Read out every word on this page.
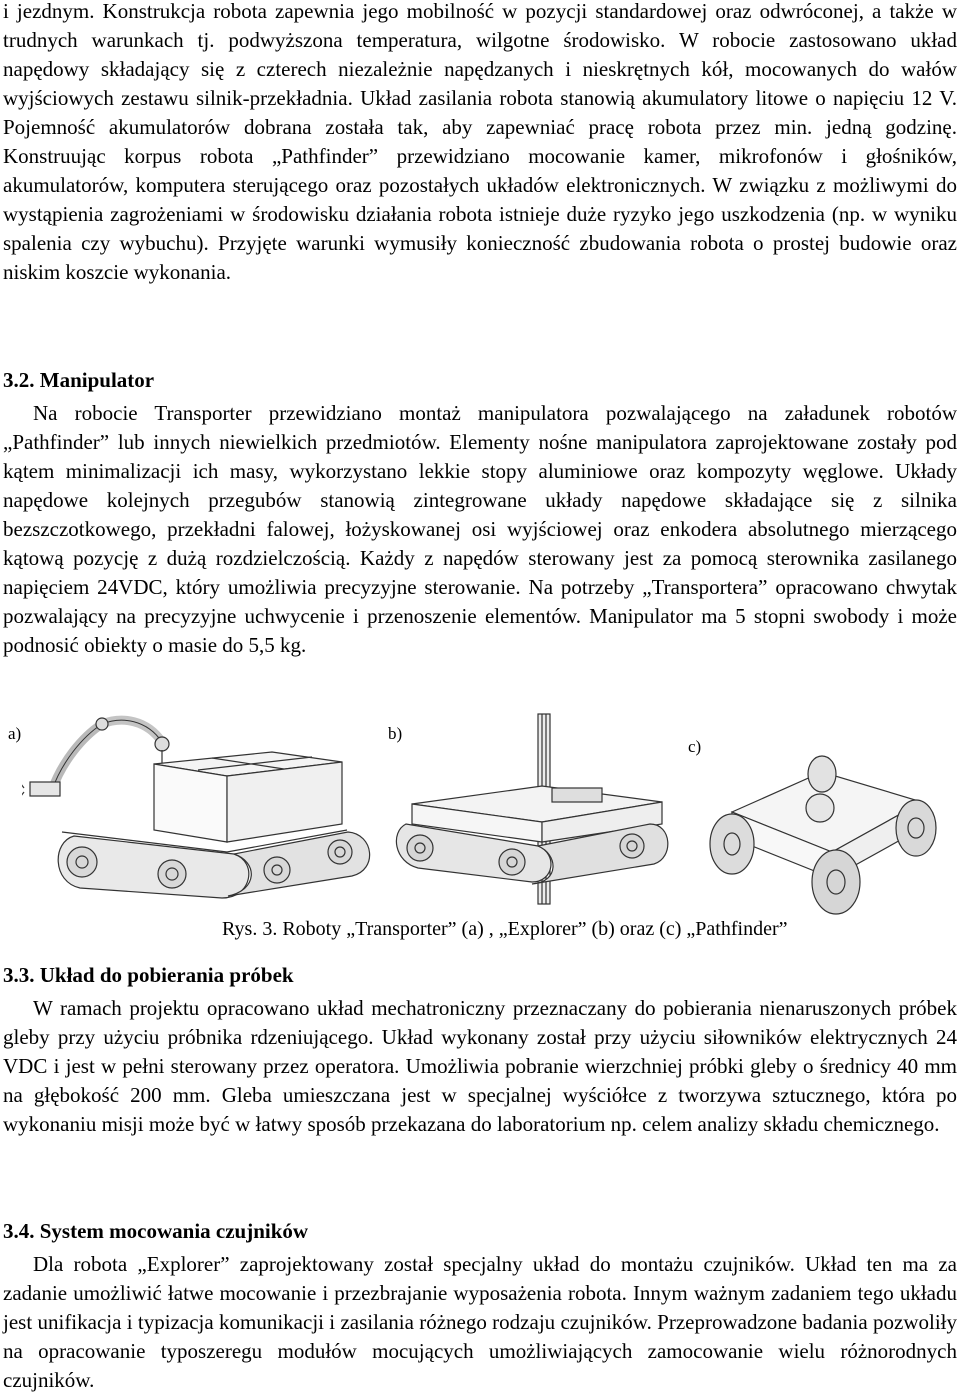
i jezdnym. Konstrukcja robota zapewnia jego mobilność w pozycji standardowej oraz odwróconej, a także w trudnych warunkach tj. podwyższona temperatura, wilgotne środowisko. W robocie zastosowano układ napędowy składający się z czterech niezależnie napędzanych i nieskrętnych kół, mocowanych do wałów wyjściowych zestawu silnik-przekładnia. Układ zasilania robota stanowią akumulatory litowe o napięciu 12 V. Pojemność akumulatorów dobrana została tak, aby zapewniać pracę robota przez min. jedną godzinę. Konstruując korpus robota „Pathfinder” przewidziano mocowanie kamer, mikrofonów i głośników, akumulatorów, komputera sterującego oraz pozostałych układów elektronicznych. W związku z możliwymi do wystąpienia zagrożeniami w środowisku działania robota istnieje duże ryzyko jego uszkodzenia (np. w wyniku spalenia czy wybuchu). Przyjęte warunki wymusiły konieczność zbudowania robota o prostej budowie oraz niskim koszcie wykonania.

3.2. Manipulator

Na robocie Transporter przewidziano montaż manipulatora pozwalającego na załadunek robotów „Pathfinder” lub innych niewielkich przedmiotów. Elementy nośne manipulatora zaprojektowane zostały pod kątem minimalizacji ich masy, wykorzystano lekkie stopy aluminiowe oraz kompozyty węglowe. Układy napędowe kolejnych przegubów stanowią zintegrowane układy napędowe składające się z silnika bezszczotkowego, przekładni falowej, łożyskowanej osi wyjściowej oraz enkodera absolutnego mierzącego kątową pozycję z dużą rozdzielczością. Każdy z napędów sterowany jest za pomocą sterownika zasilanego napięciem 24VDC, który umożliwia precyzyjne sterowanie. Na potrzeby „Transportera” opracowano chwytak pozwalający na precyzyjne uchwycenie i przenoszenie elementów. Manipulator ma 5 stopni swobody i może podnosić obiekty o masie do 5,5 kg.

a)	b)
c)
Rys. 3. Roboty „Transporter” (a) , „Explorer” (b) oraz (c) „Pathfinder”
3.3. Układ do pobierania próbek

W ramach projektu opracowano układ mechatroniczny przeznaczany do pobierania nienaruszonych próbek gleby przy użyciu próbnika rdzeniującego. Układ wykonany został przy użyciu siłowników elektrycznych 24 VDC i jest w pełni sterowany przez operatora. Umożliwia pobranie wierzchniej próbki gleby o średnicy 40 mm na głębokość 200 mm. Gleba umieszczana jest w specjalnej wyściółce z tworzywa sztucznego, która po wykonaniu misji może być w łatwy sposób przekazana do laboratorium np. celem analizy składu chemicznego.

3.4. System mocowania czujników

Dla robota „Explorer” zaprojektowany został specjalny układ do montażu czujników. Układ ten ma za zadanie umożliwić łatwe mocowanie i przezbrajanie wyposażenia robota. Innym ważnym zadaniem tego układu jest unifikacja i typizacja komunikacji i zasilania różnego rodzaju czujników. Przeprowadzone badania pozwoliły na opracowanie typoszeregu modułów mocujących umożliwiających zamocowanie wielu różnorodnych czujników.
